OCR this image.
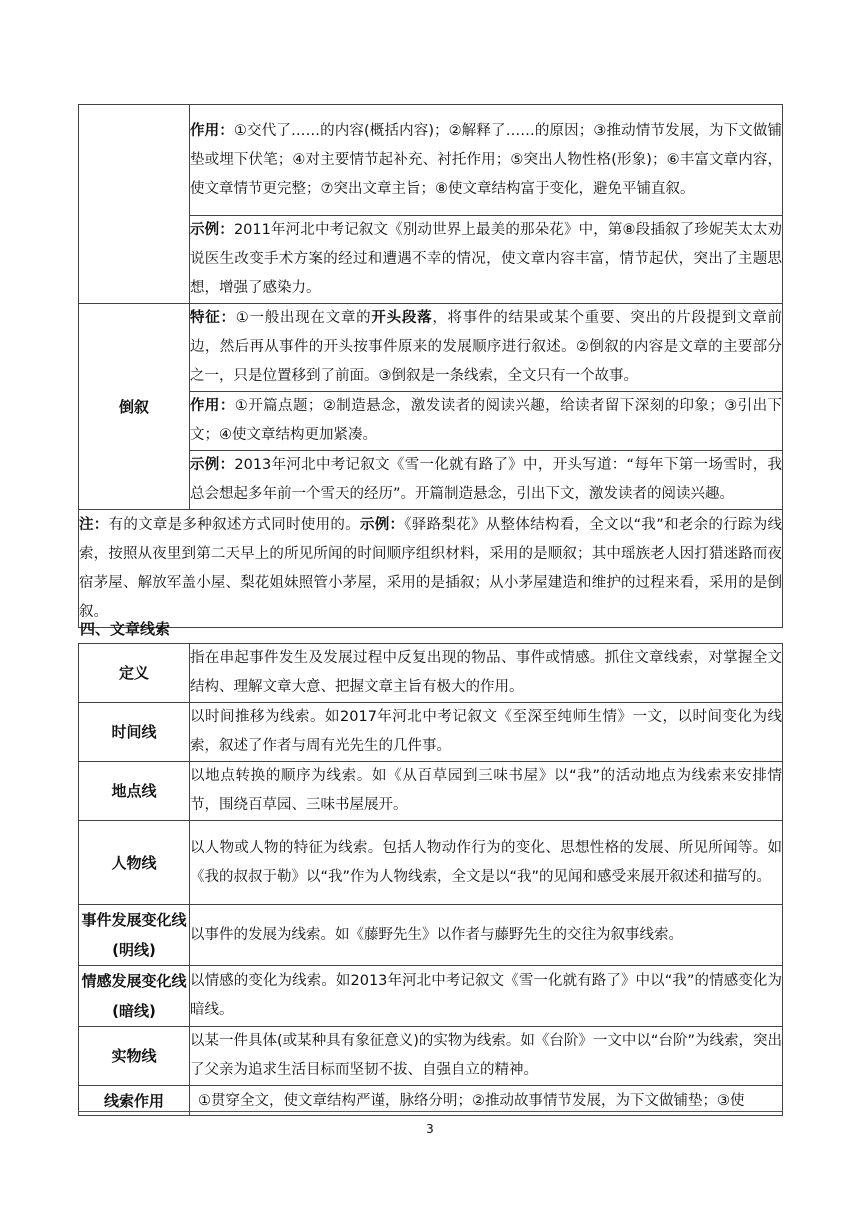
	作用：①交代了……的内容(概括内容)；②解释了……的原因；③推动情节发展，为下文做铺垫或埋下伏笔；④对主要情节起补充、衬托作用；⑤突出人物性格(形象)；⑥丰富文章内容，使文章情节更完整；⑦突出文章主旨；⑧使文章结构富于变化，避免平铺直叙。
	示例：2011年河北中考记叙文《别动世界上最美的那朵花》中，第⑧段插叙了珍妮芙太太劝说医生改变手术方案的经过和遭遇不幸的情况，使文章内容丰富，情节起伏，突出了主题思想，增强了感染力。
倒叙	特征：①一般出现在文章的开头段落，将事件的结果或某个重要、突出的片段提到文章前边，然后再从事件的开头按事件原来的发展顺序进行叙述。②倒叙的内容是文章的主要部分之一，只是位置移到了前面。③倒叙是一条线索，全文只有一个故事。
	作用：①开篇点题；②制造悬念，激发读者的阅读兴趣，给读者留下深刻的印象；③引出下文；④使文章结构更加紧凑。
	示例：2013年河北中考记叙文《雪一化就有路了》中，开头写道：“每年下第一场雪时，我总会想起多年前一个雪天的经历”。开篇制造悬念，引出下文，激发读者的阅读兴趣。
注：有的文章是多种叙述方式同时使用的。示例：《驿路梨花》从整体结构看，全文以“我”和老余的行踪为线索，按照从夜里到第二天早上的所见所闻的时间顺序组织材料，采用的是顺叙；其中瑶族老人因打猎迷路而夜宿茅屋、解放军盖小屋、梨花姐妹照管小茅屋，采用的是插叙；从小茅屋建造和维护的过程来看，采用的是倒叙。	
四、文章线索
定义	指在串起事件发生及发展过程中反复出现的物品、事件或情感。抓住文章线索，对掌握全文结构、理解文章大意、把握文章主旨有极大的作用。
时间线	以时间推移为线索。如2017年河北中考记叙文《至深至纯师生情》一文，以时间变化为线索，叙述了作者与周有光先生的几件事。
地点线	以地点转换的顺序为线索。如《从百草园到三味书屋》以“我”的活动地点为线索来安排情节，围绕百草园、三味书屋展开。
人物线	以人物或人物的特征为线索。包括人物动作行为的变化、思想性格的发展、所见所闻等。如《我的叔叔于勒》以“我”作为人物线索，全文是以“我”的见闻和感受来展开叙述和描写的。
事件发展变化线(明线)	以事件的发展为线索。如《藤野先生》以作者与藤野先生的交往为叙事线索。
情感发展变化线(暗线)	以情感的变化为线索。如2013年河北中考记叙文《雪一化就有路了》中以“我”的情感变化为暗线。
实物线	以某一件具体(或某种具有象征意义)的实物为线索。如《台阶》一文中以“台阶”为线索，突出了父亲为追求生活目标而坚韧不拔、自强自立的精神。
线索作用	①贯穿全文，使文章结构严谨，脉络分明；②推动故事情节发展，为下文做铺垫；③使
3
